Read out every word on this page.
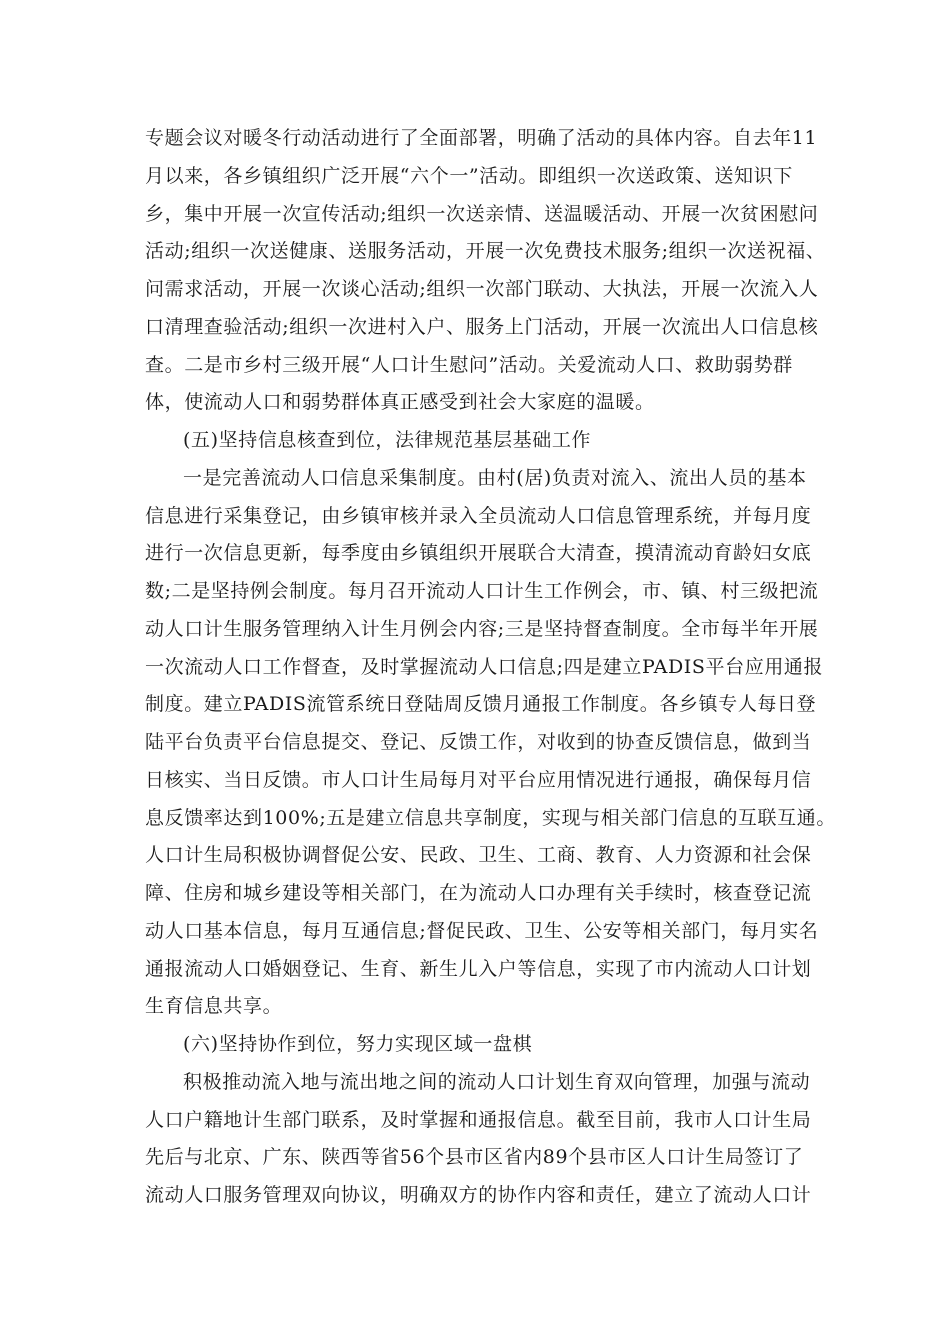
专题会议对暖冬行动活动进行了全面部署，明确了活动的具体内容。自去年11
月以来，各乡镇组织广泛开展“六个一”活动。即组织一次送政策、送知识下
乡，集中开展一次宣传活动;组织一次送亲情、送温暖活动、开展一次贫困慰问
活动;组织一次送健康、送服务活动，开展一次免费技术服务;组织一次送祝福、
问需求活动，开展一次谈心活动;组织一次部门联动、大执法，开展一次流入人
口清理查验活动;组织一次进村入户、服务上门活动，开展一次流出人口信息核
查。二是市乡村三级开展“人口计生慰问”活动。关爱流动人口、救助弱势群
体，使流动人口和弱势群体真正感受到社会大家庭的温暖。
(五)坚持信息核查到位，法律规范基层基础工作
一是完善流动人口信息采集制度。由村(居)负责对流入、流出人员的基本
信息进行采集登记，由乡镇审核并录入全员流动人口信息管理系统，并每月度
进行一次信息更新，每季度由乡镇组织开展联合大清查，摸清流动育龄妇女底
数;二是坚持例会制度。每月召开流动人口计生工作例会，市、镇、村三级把流
动人口计生服务管理纳入计生月例会内容;三是坚持督查制度。全市每半年开展
一次流动人口工作督查，及时掌握流动人口信息;四是建立PADIS平台应用通报
制度。建立PADIS流管系统日登陆周反馈月通报工作制度。各乡镇专人每日登
陆平台负责平台信息提交、登记、反馈工作，对收到的协查反馈信息，做到当
日核实、当日反馈。市人口计生局每月对平台应用情况进行通报，确保每月信
息反馈率达到100%;五是建立信息共享制度，实现与相关部门信息的互联互通。
人口计生局积极协调督促公安、民政、卫生、工商、教育、人力资源和社会保
障、住房和城乡建设等相关部门，在为流动人口办理有关手续时，核查登记流
动人口基本信息，每月互通信息;督促民政、卫生、公安等相关部门，每月实名
通报流动人口婚姻登记、生育、新生儿入户等信息，实现了市内流动人口计划
生育信息共享。
(六)坚持协作到位，努力实现区域一盘棋
积极推动流入地与流出地之间的流动人口计划生育双向管理，加强与流动
人口户籍地计生部门联系，及时掌握和通报信息。截至目前，我市人口计生局
先后与北京、广东、陕西等省56个县市区省内89个县市区人口计生局签订了
流动人口服务管理双向协议，明确双方的协作内容和责任，建立了流动人口计
